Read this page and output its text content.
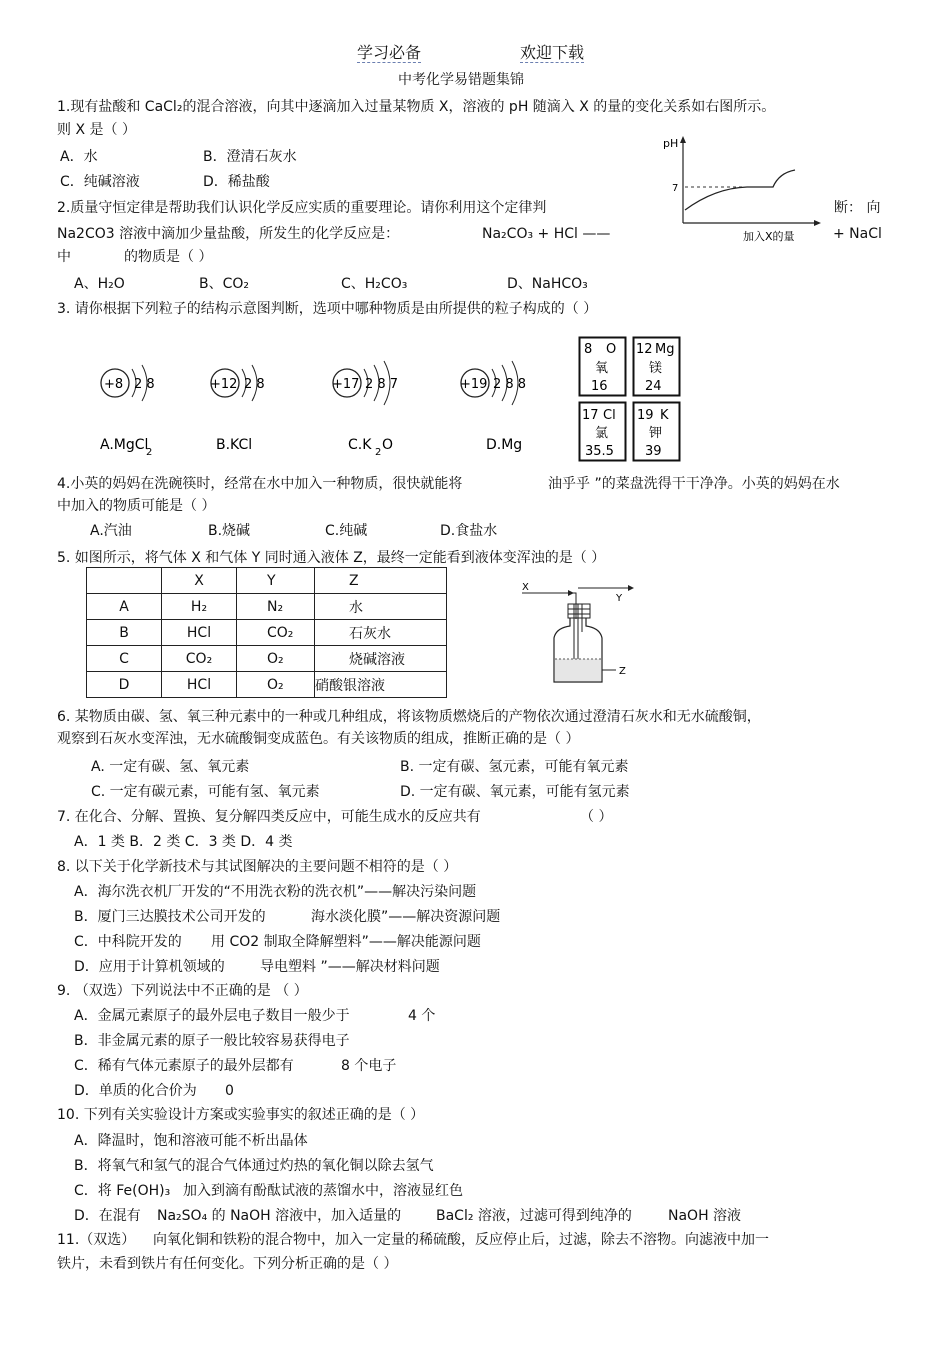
学习必备	欢迎下载
中考化学易错题集锦
1.现有盐酸和 CaCl₂的混合溶液，向其中逐滴加入过量某物质 X，溶液的 pH 随滴入 X 的量的变化关系如右图所示。
则 X 是（ ）
A．水	B．澄清石灰水
C．纯碱溶液	D．稀盐酸
pH
7
加入X的量
2.质量守恒定律是帮助我们认识化学反应实质的重要理论。请你利用这个定律判	断： 向
Na2CO3 溶液中滴加少量盐酸，所发生的化学反应是：	Na₂CO₃ + HCl ——	+ NaCl
中	的物质是（ ）
A、H₂O	B、CO₂	C、H₂CO₃	D、NaHCO₃
3. 请你根据下列粒子的结构示意图判断，选项中哪种物质是由所提供的粒子构成的（ ）
+8 2 8
A.MgCl
2
+12 2 8
B.KCl
+17 2 8 7
C.K 2 O
+19 2 8 8
D.Mg
8 O
氧
16
12 Mg
镁
24
17 Cl
氯
35.5
19 K
钾
39
4.小英的妈妈在洗碗筷时，经常在水中加入一种物质，很快就能将	油乎乎 ”的菜盘洗得干干净净。小英的妈妈在水
中加入的物质可能是（ ）
A.汽油	B.烧碱	C.纯碱	D.食盐水
5. 如图所示，将气体 X 和气体 Y 同时通入液体 Z，最终一定能看到液体变浑浊的是（ ）
	X	Y	Z
A	H₂	N₂	水
B	HCl	CO₂	石灰水
C	CO₂	O₂	烧碱溶液
D	HCl	O₂	硝酸银溶液
X
Y
Z
6. 某物质由碳、氢、氧三种元素中的一种或几种组成，将该物质燃烧后的产物依次通过澄清石灰水和无水硫酸铜，
观察到石灰水变浑浊，无水硫酸铜变成蓝色。有关该物质的组成，推断正确的是（ ）
A. 一定有碳、氢、氧元素	B. 一定有碳、氢元素，可能有氧元素
C. 一定有碳元素，可能有氢、氧元素	D. 一定有碳、氧元素，可能有氢元素
7. 在化合、分解、置换、复分解四类反应中，可能生成水的反应共有	（ ）
A．1 类 B．2 类 C．3 类 D．4 类
8. 以下关于化学新技术与其试图解决的主要问题不相符的是（ ）
A．海尔洗衣机厂开发的“不用洗衣粉的洗衣机”——解决污染问题
B．厦门三达膜技术公司开发的	海水淡化膜”——解决资源问题
C．中科院开发的 用 CO2 制取全降解塑料”——解决能源问题
D．应用于计算机领域的	导电塑料 ”——解决材料问题
9. （双选）下列说法中不正确的是 （ ）
A．金属元素原子的最外层电子数目一般少于	4 个
B．非金属元素的原子一般比较容易获得电子
C．稀有气体元素原子的最外层都有	8 个电子
D．单质的化合价为 0
10. 下列有关实验设计方案或实验事实的叙述正确的是（ ）
A．降温时，饱和溶液可能不析出晶体
B．将氧气和氢气的混合气体通过灼热的氧化铜以除去氢气
C．将 Fe(OH)₃ 加入到滴有酚酞试液的蒸馏水中，溶液显红色
D．在混有 Na₂SO₄ 的 NaOH 溶液中，加入适量的 BaCl₂ 溶液，过滤可得到纯净的	NaOH 溶液
11.（双选） 向氧化铜和铁粉的混合物中，加入一定量的稀硫酸，反应停止后，过滤，除去不溶物。向滤液中加一
铁片，未看到铁片有任何变化。下列分析正确的是（ ）
